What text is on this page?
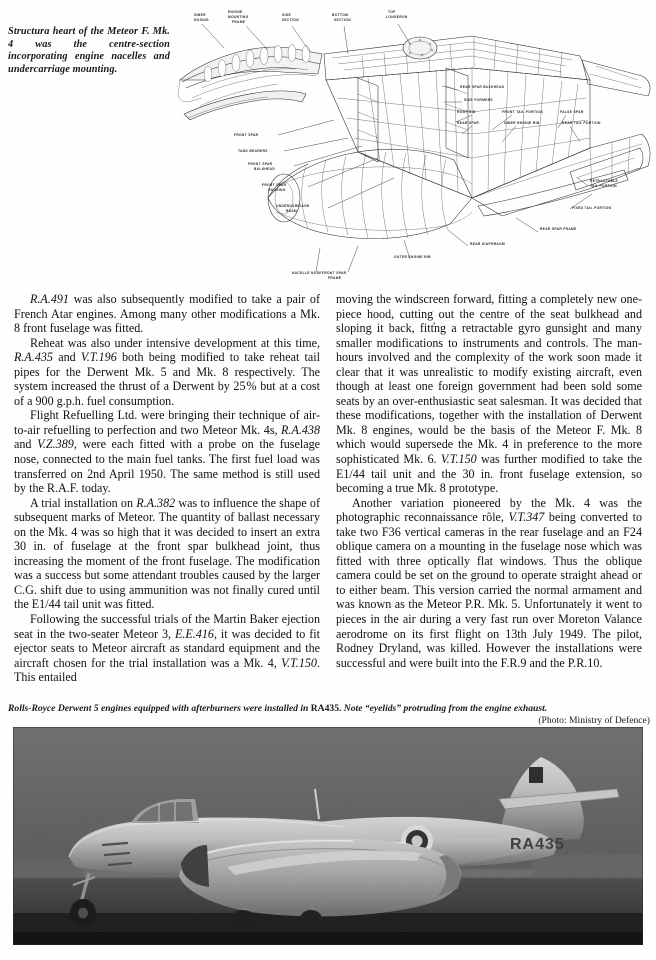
Structura heart of the Meteor F. Mk. 4 was the centre-section incorporating engine nacelles and undercarriage mounting.
INNER
NOSING
ENGINE
MOUNTING
FRAME
SIDE
SECTION
BOTTOM
SECTION
TOP
LONGERON
REAR SPAR BULKHEAD
SIDE FORMERS
ROOT RIB	FRONT TAIL PORTION	FALSE SPAR
REAR SPAR	INNER ENGINE RIB	REAR TAIL PORTION
FRONT SPAR
TANK BEARERS
FRONT SPAR
BULKHEAD
FRONT SPAR
HOUSING
UNDERCARRIAGE
BEAM
RETRACTABLE
TAIL PORTION
FIXED TAIL PORTION
REAR SPAR FRAME
REAR DIAPHRAGM
OUTER ENGINE RIB
NACELLE NOSE FRONT SPAR
FRAME

R.A.491 was also subsequently modified to take a pair of French Atar engines. Among many other modifications a Mk. 8 front fuselage was fitted.

Reheat was also under intensive development at this time, R.A.435 and V.T.196 both being modified to take reheat tail pipes for the Derwent Mk. 5 and Mk. 8 respectively. The system increased the thrust of a Derwent by 25 % but at a cost of a 900 g.p.h. fuel consumption.

Flight Refuelling Ltd. were bringing their technique of air-to-air refuelling to perfection and two Meteor Mk. 4s, R.A.438 and V.Z.389, were each fitted with a probe on the fuselage nose, connected to the main fuel tanks. The first fuel load was transferred on 2nd April 1950. The same method is still used by the R.A.F. today.

A trial installation on R.A.382 was to influence the shape of subsequent marks of Meteor. The quantity of ballast necessary on the Mk. 4 was so high that it was decided to insert an extra 30 in. of fuselage at the front spar bulkhead joint, thus increasing the moment of the front fuselage. The modification was a success but some attendant troubles caused by the larger C.G. shift due to using ammunition was not finally cured until the E1/44 tail unit was fitted.

Following the successful trials of the Martin Baker ejection seat in the two-seater Meteor 3, E.E.416, it was decided to fit ejector seats to Meteor aircraft as standard equipment and the aircraft chosen for the trial installation was a Mk. 4, V.T.150. This entailed

moving the windscreen forward, fitting a completely new one-piece hood, cutting out the centre of the seat bulkhead and sloping it back, fitt̓ng a retractable gyro gunsight and many smaller modifications to instruments and controls. The man-hours involved and the complexity of the work soon made it clear that it was unrealistic to modify existing aircraft, even though at least one foreign government had been sold some seats by an over-enthusiastic seat salesman. It was decided that these modifications, together with the installation of Derwent Mk. 8 engines, would be the basis of the Meteor F. Mk. 8 which would supersede the Mk. 4 in preference to the more sophisticated Mk. 6. V.T.150 was further modified to take the E1/44 tail unit and the 30 in. front fuselage extension, so becoming a true Mk. 8 prototype.

Another variation pioneered by the Mk. 4 was the photographic reconnaissance rôle, V.T.347 being converted to take two F36 vertical cameras in the rear fuselage and an F24 oblique camera on a mounting in the fuselage nose which was fitted with three optically flat windows. Thus the oblique camera could be set on the ground to operate straight ahead or to either beam. This version carried the normal armament and was known as the Meteor P.R. Mk. 5. Unfortunately it went to pieces in the air during a very fast run over Moreton Valance aerodrome on its first flight on 13th July 1949. The pilot, Rodney Dryland, was killed. However the installations were successful and were built into the F.R.9 and the P.R.10.

Rolls-Royce Derwent 5 engines equipped with afterburners were installed in RA435. Note “eyelids” protruding from the engine exhaust.
(Photo: Ministry of Defence)
